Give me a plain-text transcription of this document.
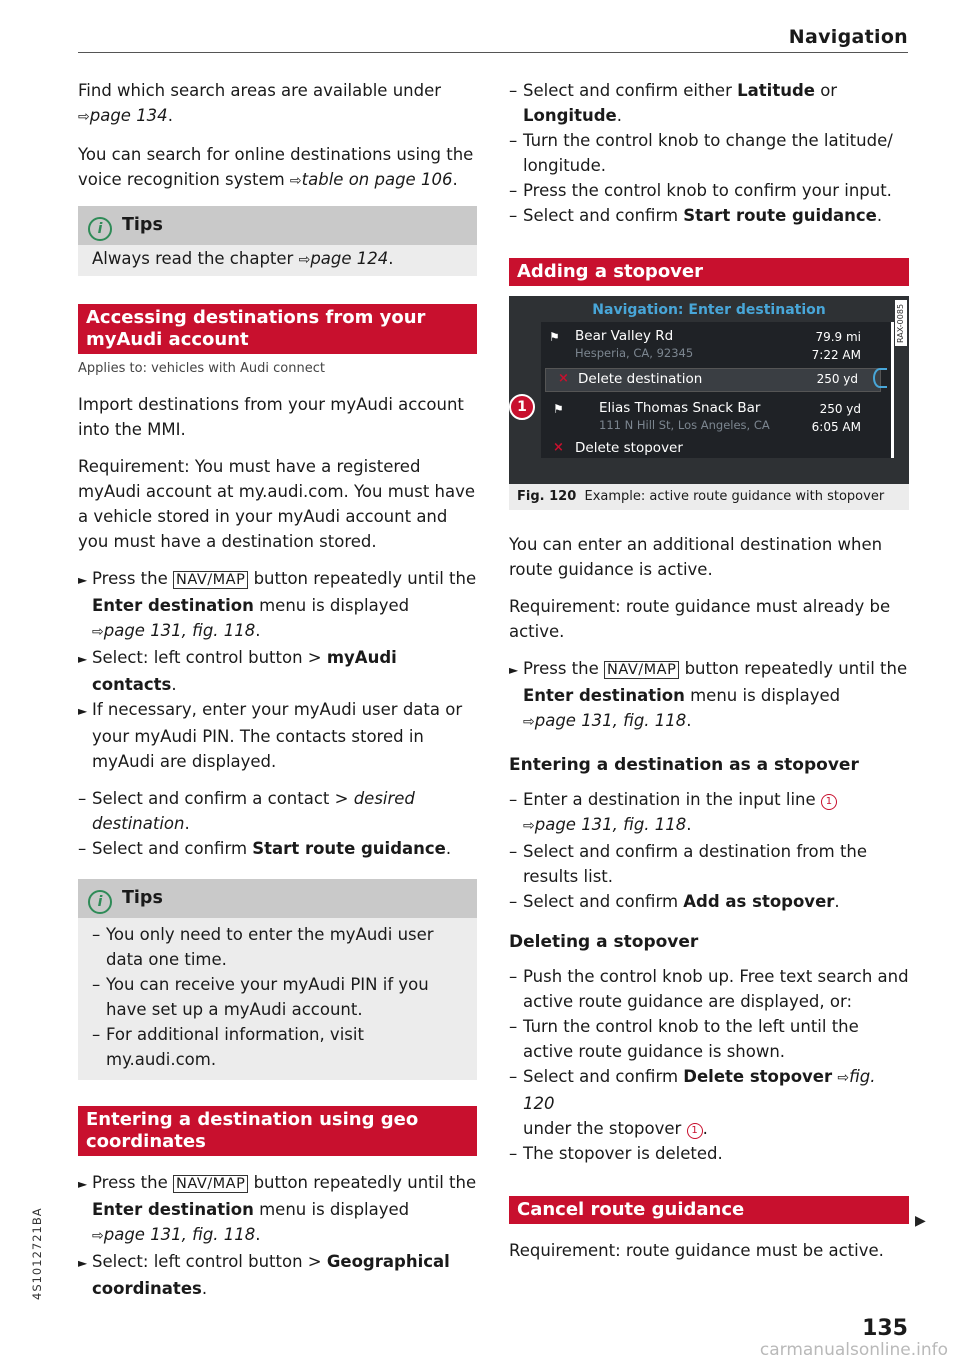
Navigation

Find which search areas are available under
⇨page 134.

You can search for online destinations using the voice recognition system ⇨table on page 106.

i Tips
Always read the chapter ⇨page 124.
Accessing destinations from your myAudi account
Applies to: vehicles with Audi connect

Import destinations from your myAudi account into the MMI.

Requirement: You must have a registered myAudi account at my.audi.com. You must have a vehicle stored in your myAudi account and you must have a destination stored.

► Press the NAV/MAP button repeatedly until the Enter destination menu is displayed
⇨page 131, fig. 118.
► Select: left control button > myAudi contacts.
► If necessary, enter your myAudi user data or your myAudi PIN. The contacts stored in myAudi are displayed.
– Select and confirm a contact > desired destination.
– Select and confirm Start route guidance.
i Tips
– You only need to enter the myAudi user data one time.
– You can receive your myAudi PIN if you have set up a myAudi account.
– For additional information, visit my.audi.com.
Entering a destination using geo coordinates
► Press the NAV/MAP button repeatedly until the Enter destination menu is displayed
⇨page 131, fig. 118.
► Select: left control button > Geographical coordinates.
– Select and confirm either Latitude or Longitude.
– Turn the control knob to change the latitude/ longitude.
– Press the control knob to confirm your input.
– Select and confirm Start route guidance.
Adding a stopover
Navigation: Enter destination	RAX-0085
⚑ Bear Valley Rd
Hesperia, CA, 92345
79.9 mi
7:22 AM
× Delete destination	250 yd
⚑	Elias Thomas Snack Bar
111 N Hill St, Los Angeles, CA
250 yd
6:05 AM
× Delete stopover
1
Fig. 120 Example: active route guidance with stopover

You can enter an additional destination when route guidance is active.

Requirement: route guidance must already be active.

► Press the NAV/MAP button repeatedly until the Enter destination menu is displayed
⇨page 131, fig. 118.
Entering a destination as a stopover
– Enter a destination in the input line 1
⇨page 131, fig. 118.
– Select and confirm a destination from the results list.
– Select and confirm Add as stopover.
Deleting a stopover
– Push the control knob up. Free text search and active route guidance are displayed, or:
– Turn the control knob to the left until the active route guidance is shown.
– Select and confirm Delete stopover ⇨fig. 120
under the stopover 1 .
– The stopover is deleted.
Cancel route guidance

Requirement: route guidance must be active.

▶
135
4S1012721BA
carmanualsonline.info
